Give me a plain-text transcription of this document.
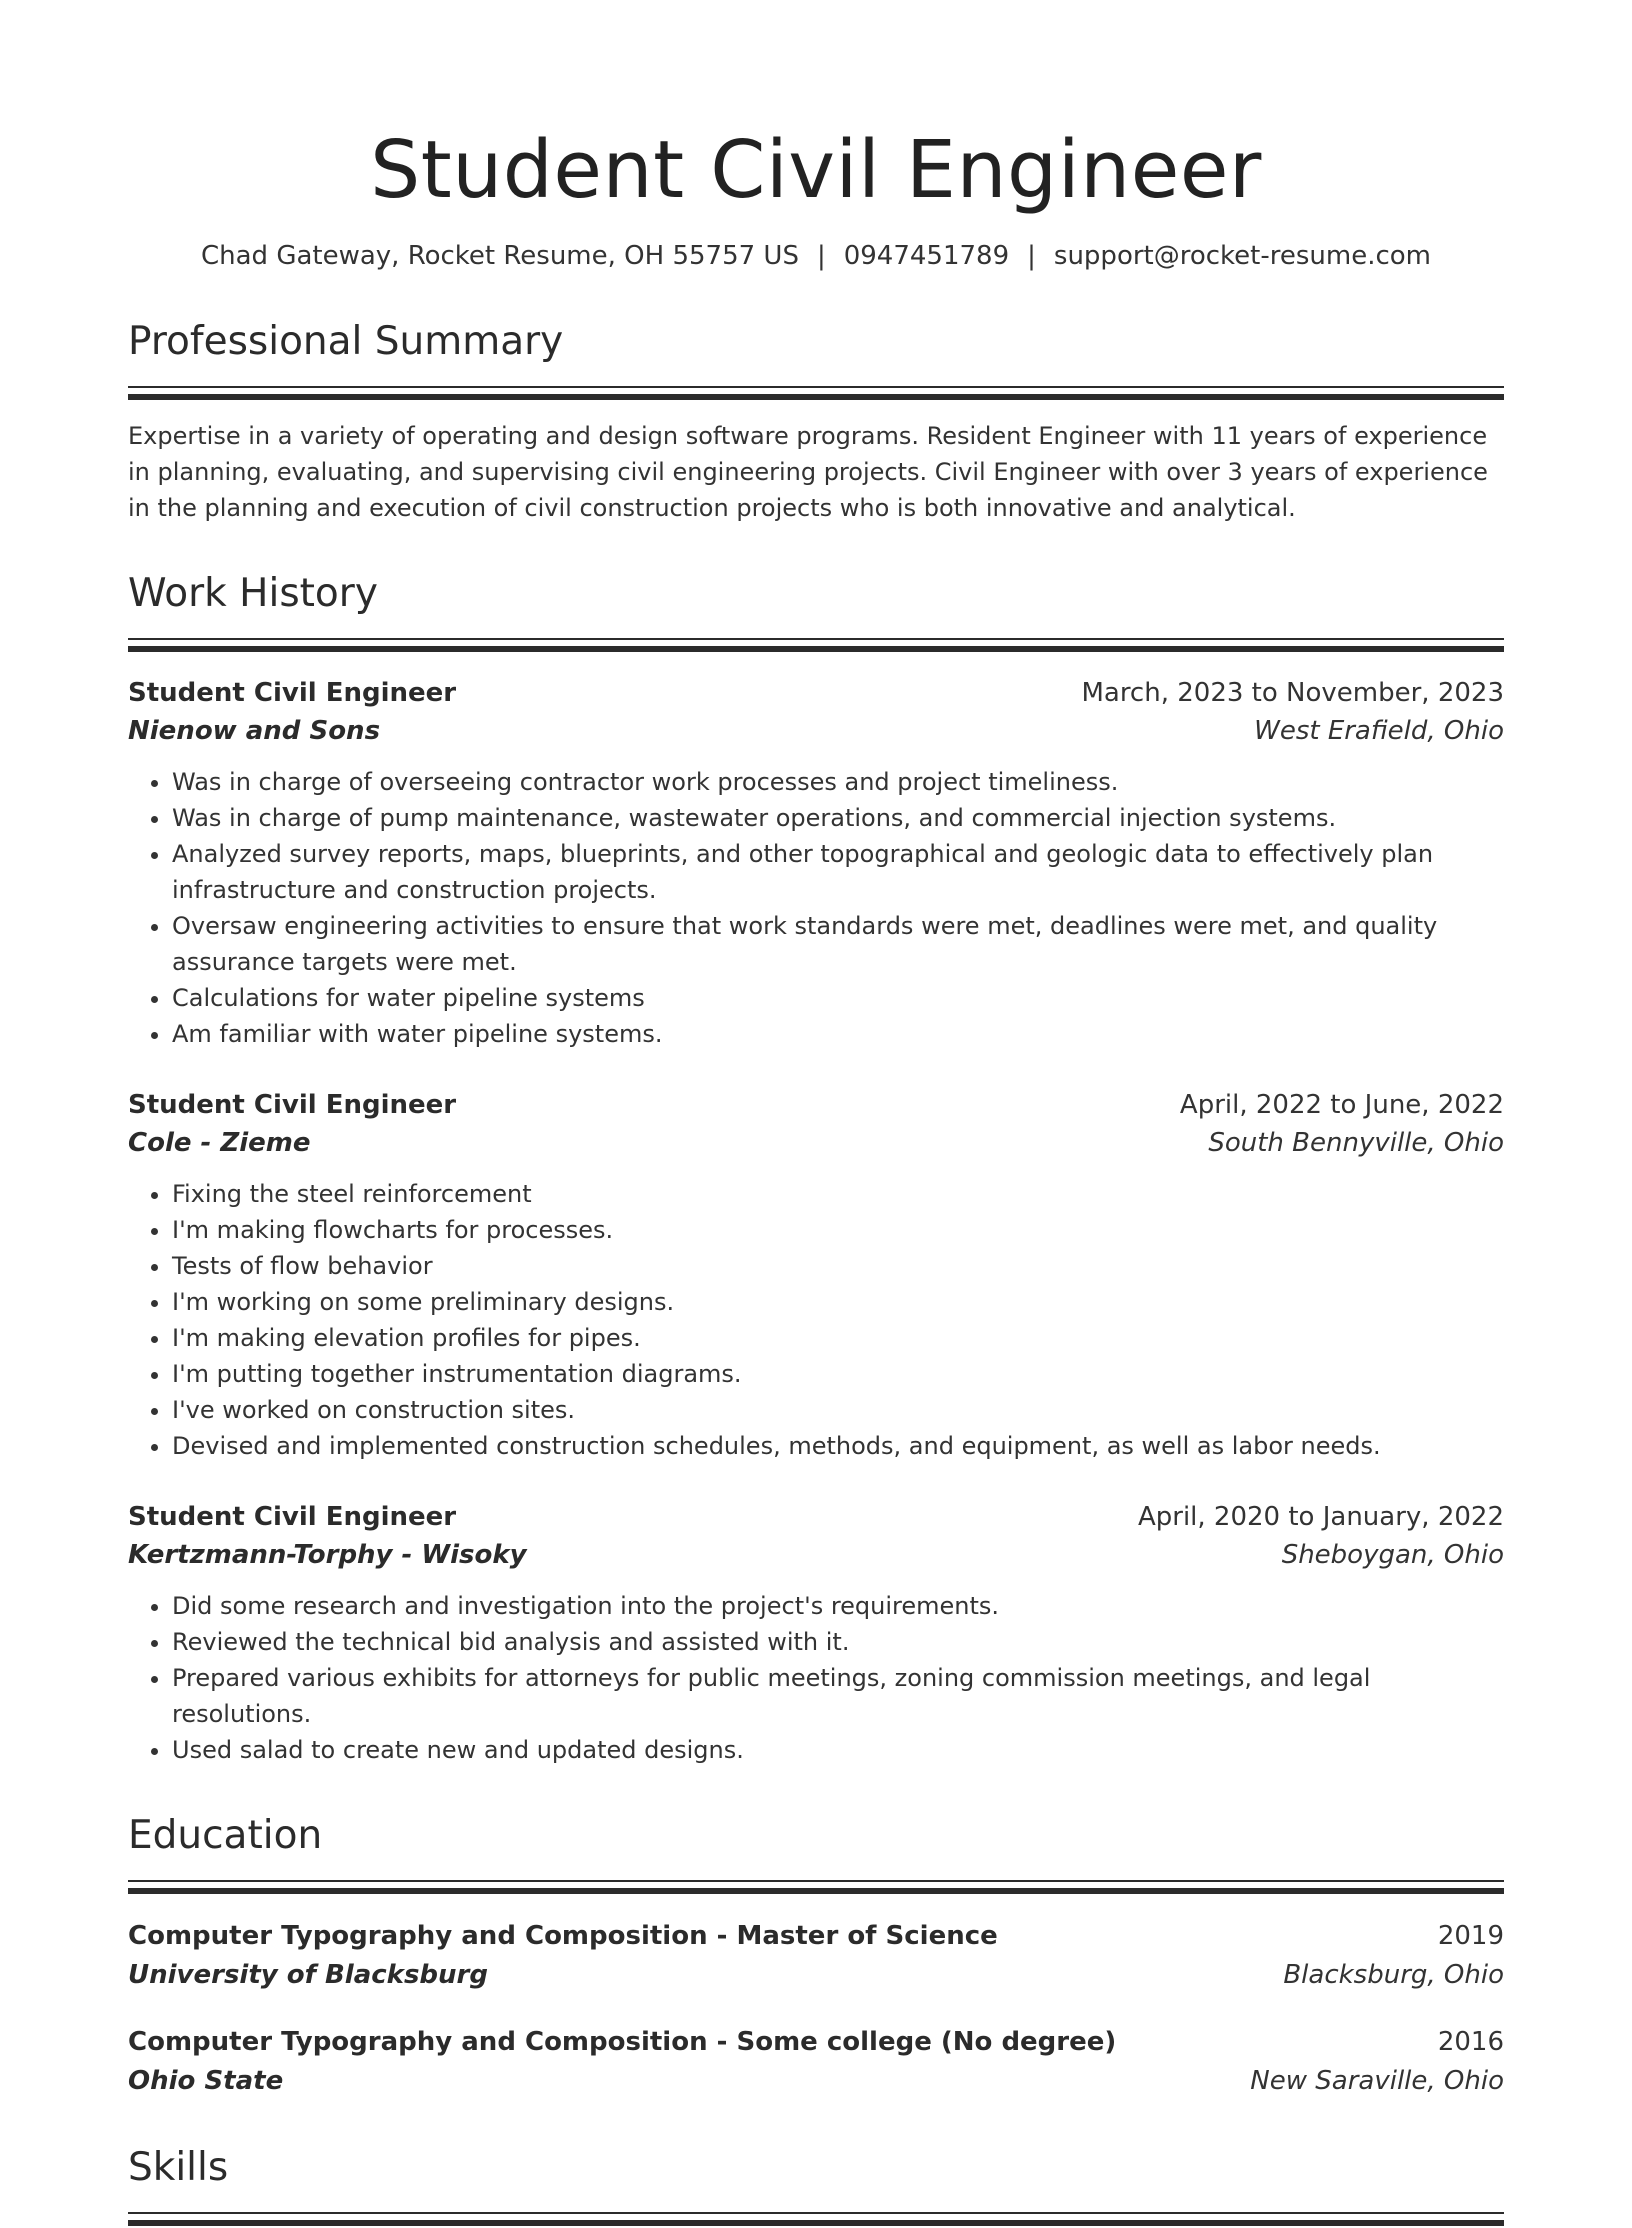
Student Civil Engineer
Chad Gateway, Rocket Resume, OH 55757 US | 0947451789 | support@rocket-resume.com
Professional Summary
Expertise in a variety of operating and design software programs. Resident Engineer with 11 years of experience in planning, evaluating, and supervising civil engineering projects. Civil Engineer with over 3 years of experience in the planning and execution of civil construction projects who is both innovative and analytical.
Work History
Student Civil Engineer	March, 2023 to November, 2023
Nienow and Sons	West Erafield, Ohio
• Was in charge of overseeing contractor work processes and project timeliness.
• Was in charge of pump maintenance, wastewater operations, and commercial injection systems.
• Analyzed survey reports, maps, blueprints, and other topographical and geologic data to effectively plan infrastructure and construction projects.
• Oversaw engineering activities to ensure that work standards were met, deadlines were met, and quality assurance targets were met.
• Calculations for water pipeline systems
• Am familiar with water pipeline systems.
Student Civil Engineer	April, 2022 to June, 2022
Cole - Zieme	South Bennyville, Ohio
• Fixing the steel reinforcement
• I'm making flowcharts for processes.
• Tests of flow behavior
• I'm working on some preliminary designs.
• I'm making elevation profiles for pipes.
• I'm putting together instrumentation diagrams.
• I've worked on construction sites.
• Devised and implemented construction schedules, methods, and equipment, as well as labor needs.
Student Civil Engineer	April, 2020 to January, 2022
Kertzmann-Torphy - Wisoky	Sheboygan, Ohio
• Did some research and investigation into the project's requirements.
• Reviewed the technical bid analysis and assisted with it.
• Prepared various exhibits for attorneys for public meetings, zoning commission meetings, and legal resolutions.
• Used salad to create new and updated designs.
Education
Computer Typography and Composition - Master of Science	2019
University of Blacksburg	Blacksburg, Ohio
Computer Typography and Composition - Some college (No degree)	2016
Ohio State	New Saraville, Ohio
Skills
